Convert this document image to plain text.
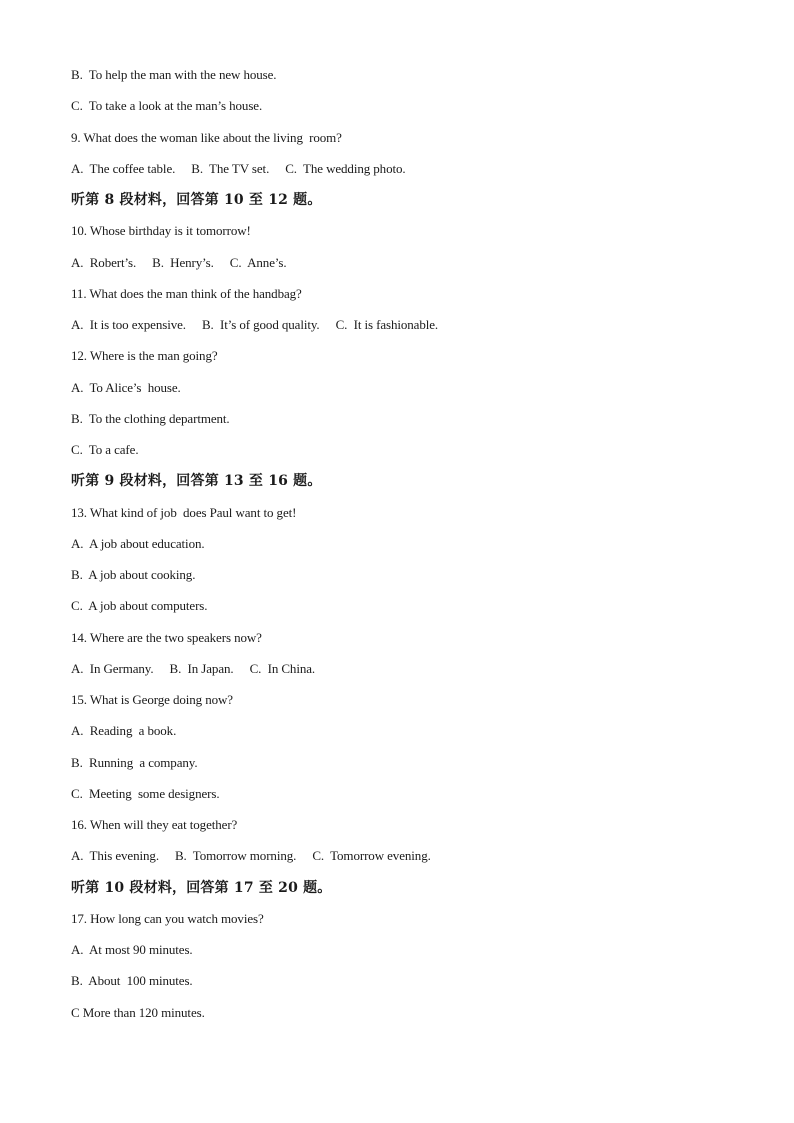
B.  To help the man with the new house.
C.  To take a look at the man’s house.
9. What does the woman like about the living  room?
A.  The coffee table. B.  The TV set. C.  The wedding photo.
听第 8 段材料，回答第 10 至 12 题。
10. Whose birthday is it tomorrow!
A.  Robert’s. B.  Henry’s. C.  Anne’s.
11. What does the man think of the handbag?
A.  It is too expensive. B.  It’s of good quality. C.  It is fashionable.
12. Where is the man going?
A.  To Alice’s  house.
B.  To the clothing department.
C.  To a cafe.
听第 9 段材料，回答第 13 至 16 题。
13. What kind of job  does Paul want to get!
A.  A job about education.
B.  A job about cooking.
C.  A job about computers.
14. Where are the two speakers now?
A.  In Germany. B.  In Japan. C.  In China.
15. What is George doing now?
A.  Reading  a book.
B.  Running  a company.
C.  Meeting  some designers.
16. When will they eat together?
A.  This evening. B.  Tomorrow morning. C.  Tomorrow evening.
听第 10 段材料，回答第 17 至 20 题。
17. How long can you watch movies?
A.  At most 90 minutes.
B.  About  100 minutes.
C More than 120 minutes.
